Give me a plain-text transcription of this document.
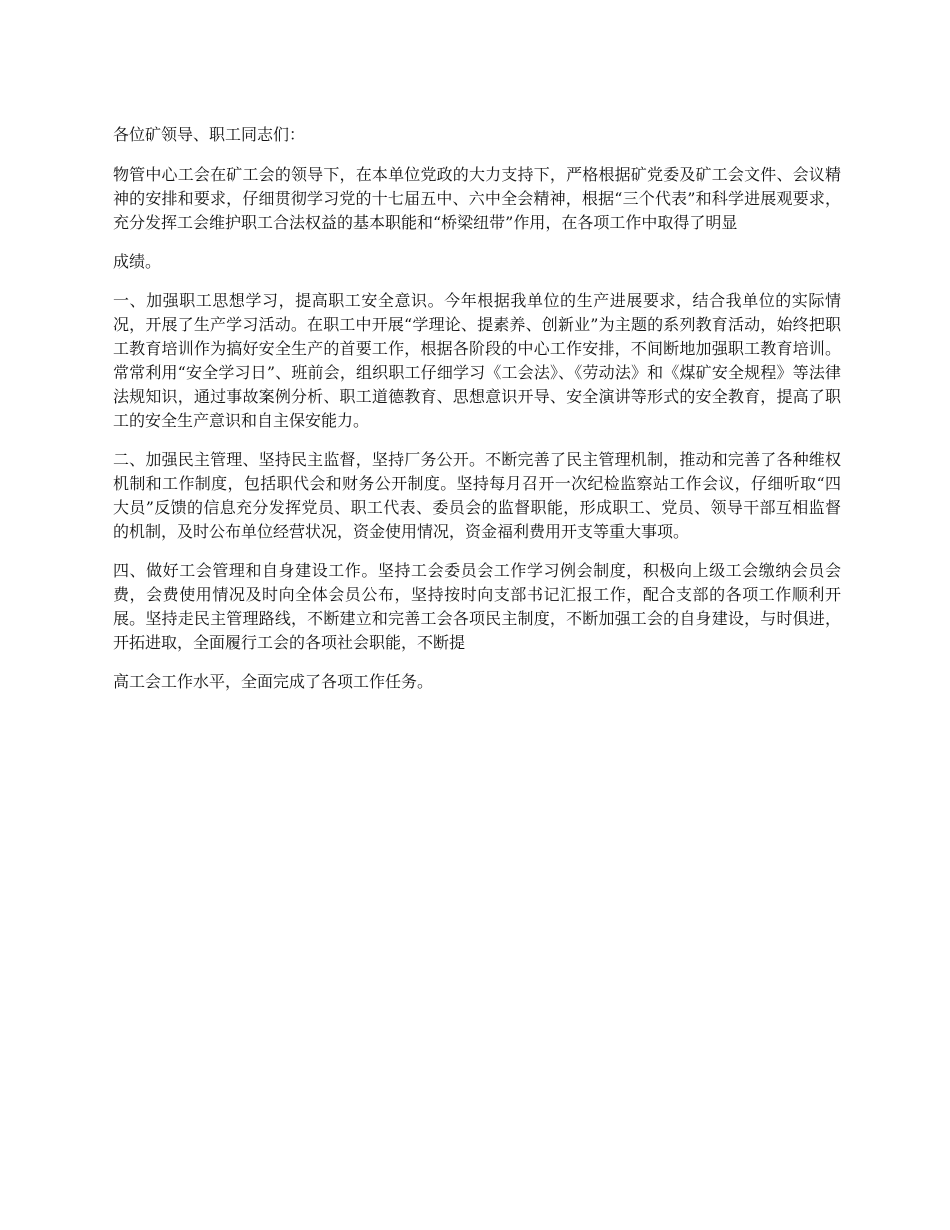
各位矿领导、职工同志们：

物管中心工会在矿工会的领导下，在本单位党政的大力支持下，严格根据矿党委及矿工会文件、会议精神的安排和要求，仔细贯彻学习党的十七届五中、六中全会精神，根据“三个代表”和科学进展观要求，充分发挥工会维护职工合法权益的基本职能和“桥梁纽带”作用，在各项工作中取得了明显

成绩。

一、加强职工思想学习，提高职工安全意识。今年根据我单位的生产进展要求，结合我单位的实际情况，开展了生产学习活动。在职工中开展“学理论、提素养、创新业”为主题的系列教育活动，始终把职工教育培训作为搞好安全生产的首要工作，根据各阶段的中心工作安排，不间断地加强职工教育培训。常常利用“安全学习日”、班前会，组织职工仔细学习《工会法》、《劳动法》和《煤矿安全规程》等法律法规知识，通过事故案例分析、职工道德教育、思想意识开导、安全演讲等形式的安全教育，提高了职工的安全生产意识和自主保安能力。

二、加强民主管理、坚持民主监督，坚持厂务公开。不断完善了民主管理机制，推动和完善了各种维权机制和工作制度，包括职代会和财务公开制度。坚持每月召开一次纪检监察站工作会议，仔细听取“四大员”反馈的信息充分发挥党员、职工代表、委员会的监督职能，形成职工、党员、领导干部互相监督的机制，及时公布单位经营状况，资金使用情况，资金福利费用开支等重大事项。

四、做好工会管理和自身建设工作。坚持工会委员会工作学习例会制度，积极向上级工会缴纳会员会费，会费使用情况及时向全体会员公布，坚持按时向支部书记汇报工作，配合支部的各项工作顺利开展。坚持走民主管理路线，不断建立和完善工会各项民主制度，不断加强工会的自身建设，与时俱进，开拓进取，全面履行工会的各项社会职能，不断提

高工会工作水平，全面完成了各项工作任务。
